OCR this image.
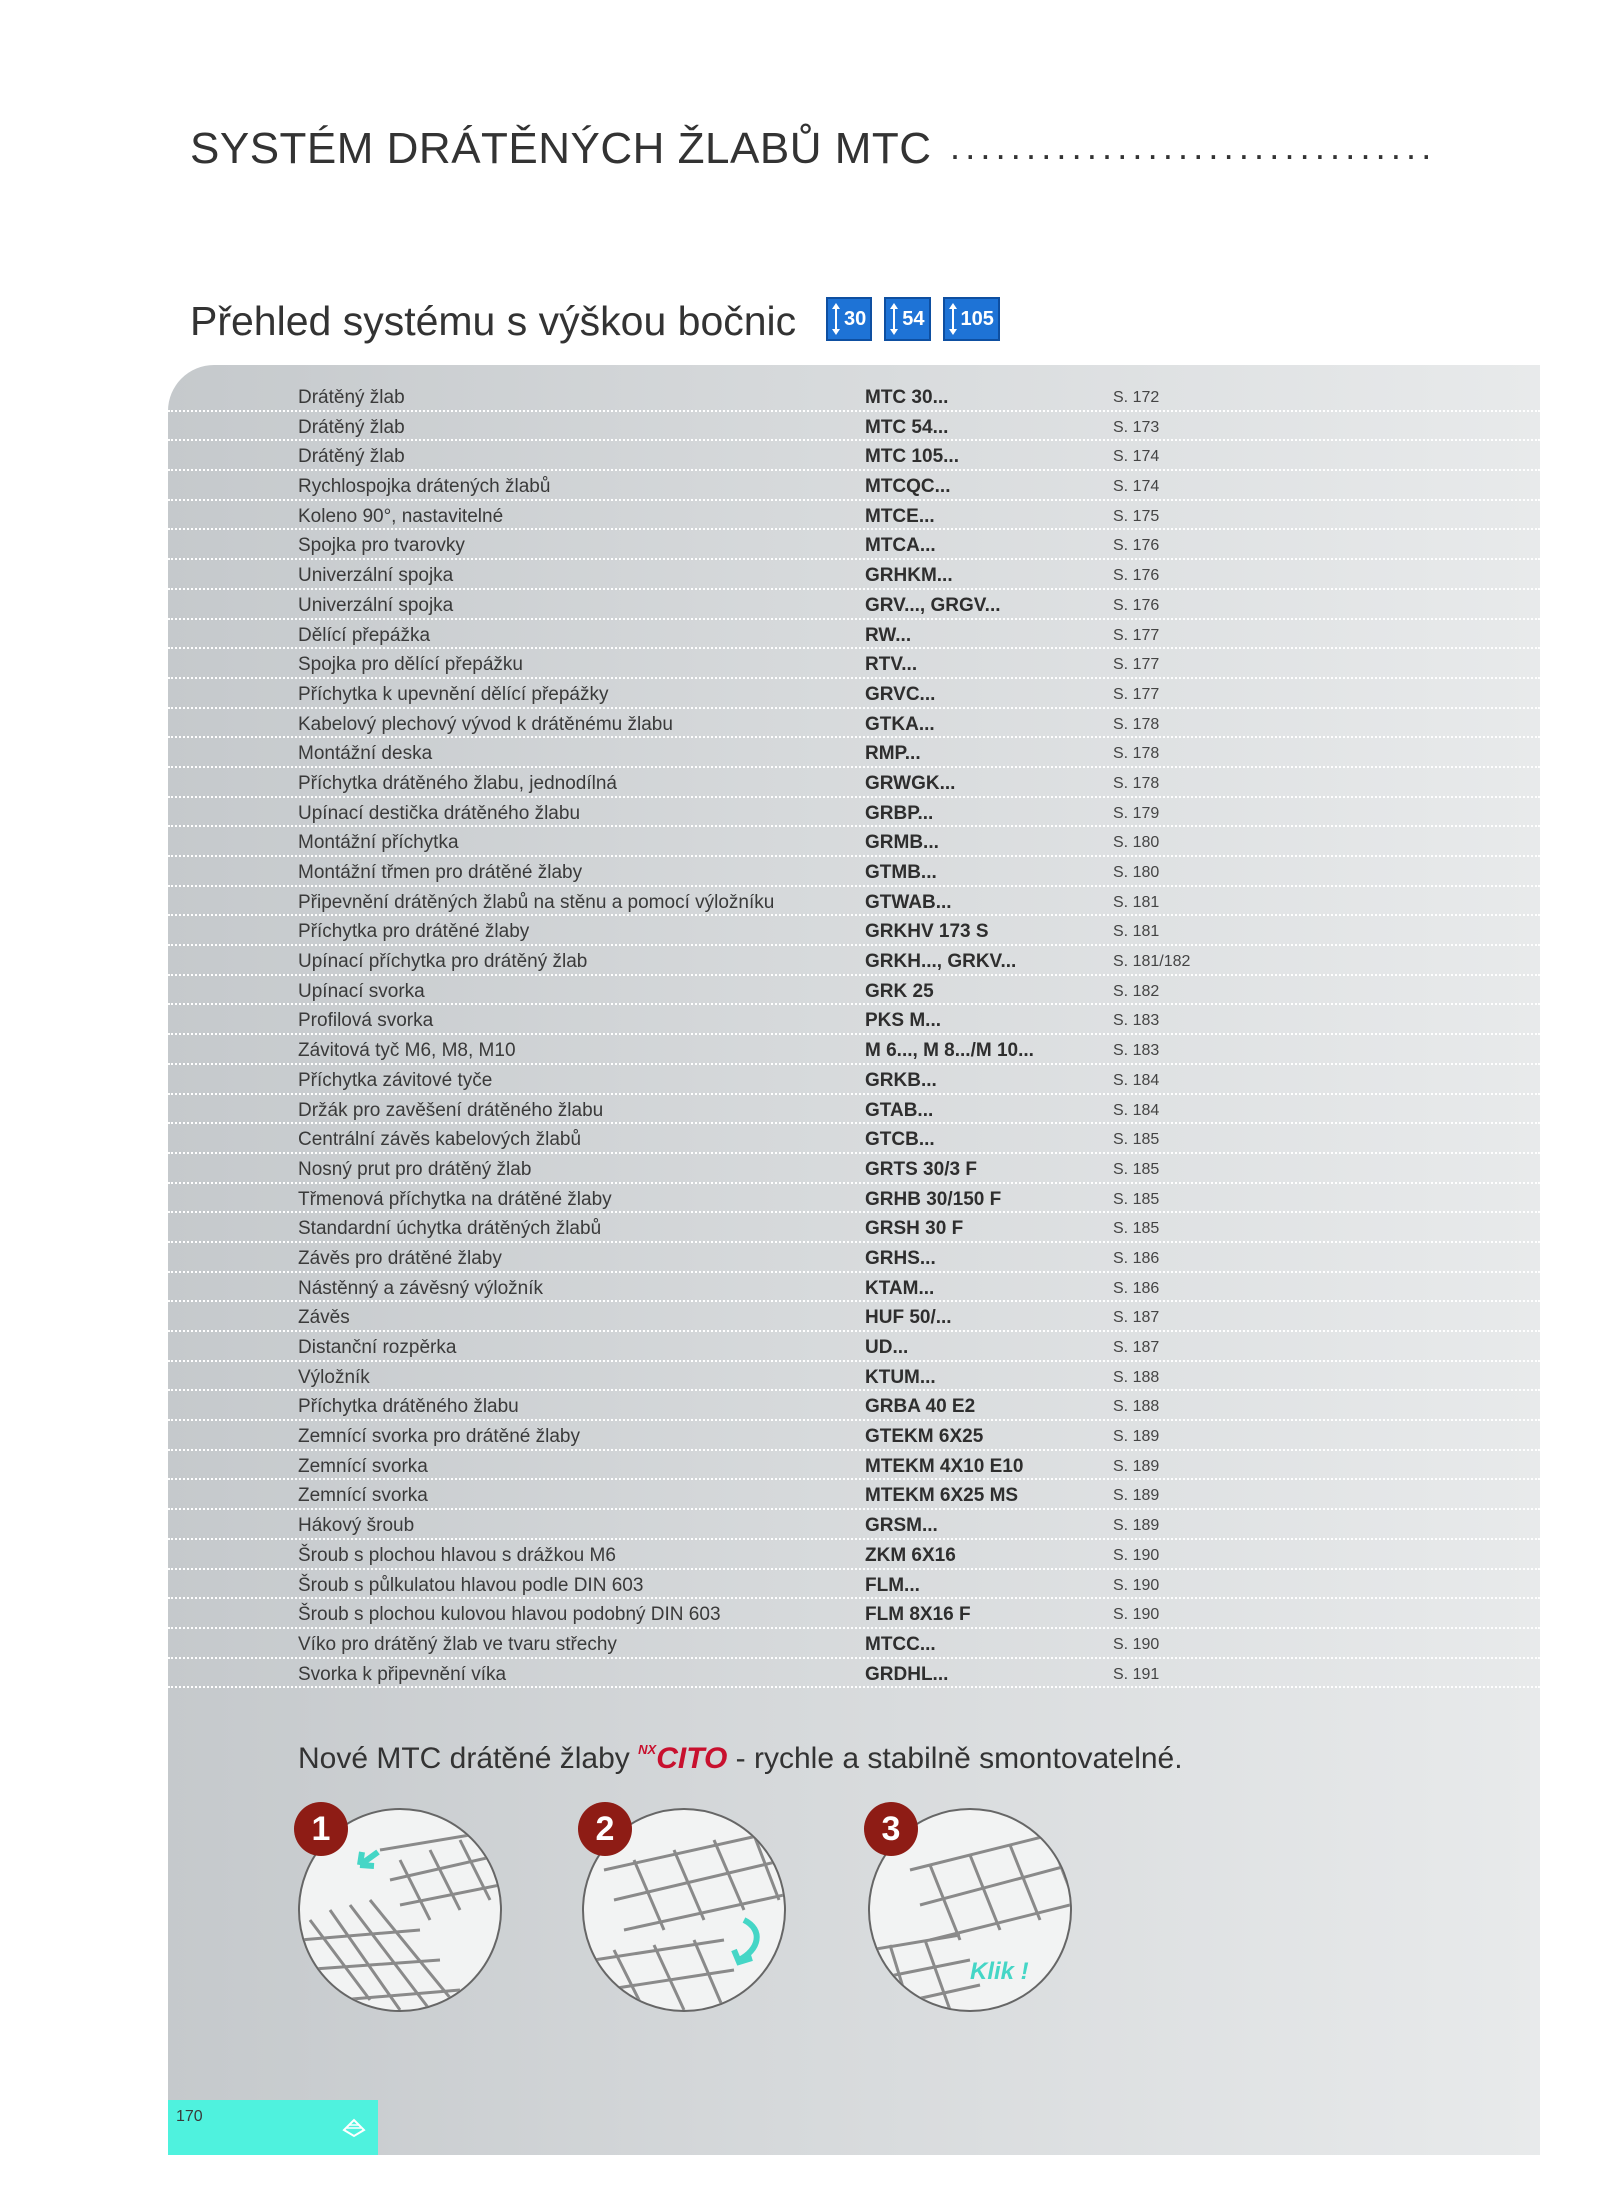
SYSTÉM DRÁTĚNÝCH ŽLABŮ MTC ................................
Přehled systému s výškou bočnic 30 54 105
Drátěný žlab	MTC 30...	S. 172
Drátěný žlab	MTC 54...	S. 173
Drátěný žlab	MTC 105...	S. 174
Rychlospojka drátených žlabů	MTCQC...	S. 174
Koleno 90°, nastavitelné	MTCE...	S. 175
Spojka pro tvarovky	MTCA...	S. 176
Univerzální spojka	GRHKM...	S. 176
Univerzální spojka	GRV..., GRGV...	S. 176
Dělící přepážka	RW...	S. 177
Spojka pro dělící přepážku	RTV...	S. 177
Příchytka k upevnění dělící přepážky	GRVC...	S. 177
Kabelový plechový vývod k drátěnému žlabu	GTKA...	S. 178
Montážní deska	RMP...	S. 178
Příchytka drátěného žlabu, jednodílná	GRWGK...	S. 178
Upínací destička drátěného žlabu	GRBP...	S. 179
Montážní příchytka	GRMB...	S. 180
Montážní třmen pro drátěné žlaby	GTMB...	S. 180
Připevnění drátěných žlabů na stěnu a pomocí výložníku	GTWAB...	S. 181
Příchytka pro drátěné žlaby	GRKHV 173 S	S. 181
Upínací příchytka pro drátěný žlab	GRKH..., GRKV...	S. 181/182
Upínací svorka	GRK 25	S. 182
Profilová svorka	PKS M...	S. 183
Závitová tyč M6, M8, M10	M 6..., M 8.../M 10...	S. 183
Příchytka závitové tyče	GRKB...	S. 184
Držák pro zavěšení drátěného žlabu	GTAB...	S. 184
Centrální závěs kabelových žlabů	GTCB...	S. 185
Nosný prut pro drátěný žlab	GRTS 30/3 F	S. 185
Třmenová příchytka na drátěné žlaby	GRHB 30/150 F	S. 185
Standardní úchytka drátěných žlabů	GRSH 30 F	S. 185
Závěs pro drátěné žlaby	GRHS...	S. 186
Nástěnný a závěsný výložník	KTAM...	S. 186
Závěs	HUF 50/...	S. 187
Distanční rozpěrka	UD...	S. 187
Výložník	KTUM...	S. 188
Příchytka drátěného žlabu	GRBA 40 E2	S. 188
Zemnící svorka pro drátěné žlaby	GTEKM 6X25	S. 189
Zemnící svorka	MTEKM 4X10 E10	S. 189
Zemnící svorka	MTEKM 6X25 MS	S. 189
Hákový šroub	GRSM...	S. 189
Šroub s plochou hlavou s drážkou M6	ZKM 6X16	S. 190
Šroub s půlkulatou hlavou podle DIN 603	FLM...	S. 190
Šroub s plochou kulovou hlavou podobný DIN 603	FLM 8X16 F	S. 190
Víko pro drátěný žlab ve tvaru střechy	MTCC...	S. 190
Svorka k připevnění víka	GRDHL...	S. 191
Nové MTC drátěné žlaby $^{NX}$CITO - rychle a stabilně smontovatelné.
1	2
Klik !
3
170
